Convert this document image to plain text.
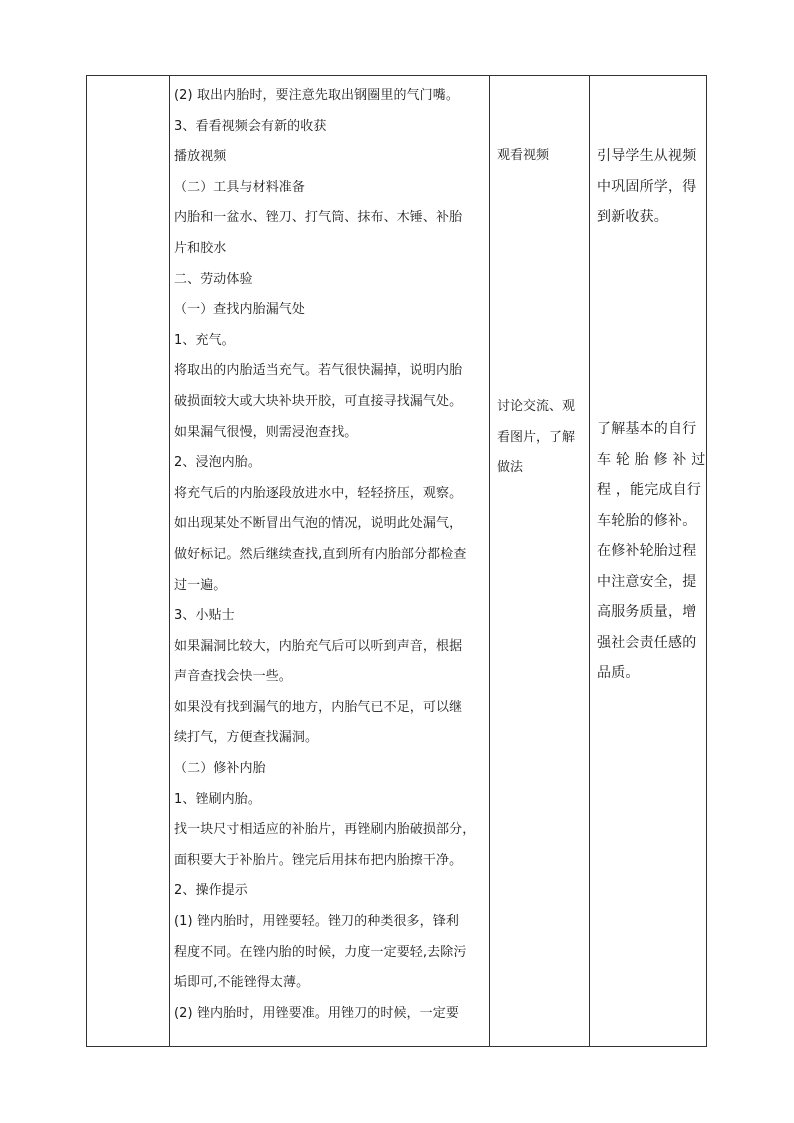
(2) 取出内胎时，要注意先取出钢圈里的气门嘴。
3、看看视频会有新的收获
播放视频
（二）工具与材料准备
内胎和一盆水、锉刀、打气筒、抹布、木锤、补胎
片和胶水
二、劳动体验
（一）查找内胎漏气处
1、充气。
将取出的内胎适当充气。若气很快漏掉，说明内胎
破损面较大或大块补块开胶，可直接寻找漏气处。
如果漏气很慢，则需浸泡查找。
2、浸泡内胎。
将充气后的内胎逐段放进水中，轻轻挤压，观察。
如出现某处不断冒出气泡的情况，说明此处漏气，
做好标记。然后继续查找,直到所有内胎部分都检查
过一遍。
3、小贴士
如果漏洞比较大，内胎充气后可以听到声音，根据
声音查找会快一些。
如果没有找到漏气的地方，内胎气已不足，可以继
续打气，方便查找漏洞。
（二）修补内胎
1、锉刷内胎。
找一块尺寸相适应的补胎片，再锉刷内胎破损部分，
面积要大于补胎片。锉完后用抹布把内胎擦干净。
2、操作提示
(1) 锉内胎时，用锉要轻。锉刀的种类很多，锋利
程度不同。在锉内胎的时候，力度一定要轻,去除污
垢即可,不能锉得太薄。
(2) 锉内胎时，用锉要准。用锉刀的时候，一定要
观看视频
讨论交流、观
看图片，了解
做法
引导学生从视频
中巩固所学，得
到新收获。
了解基本的自行
车 轮 胎 修 补 过
程 ，能完成自行
车轮胎的修补。
在修补轮胎过程
中注意安全，提
高服务质量，增
强社会责任感的
品质。
